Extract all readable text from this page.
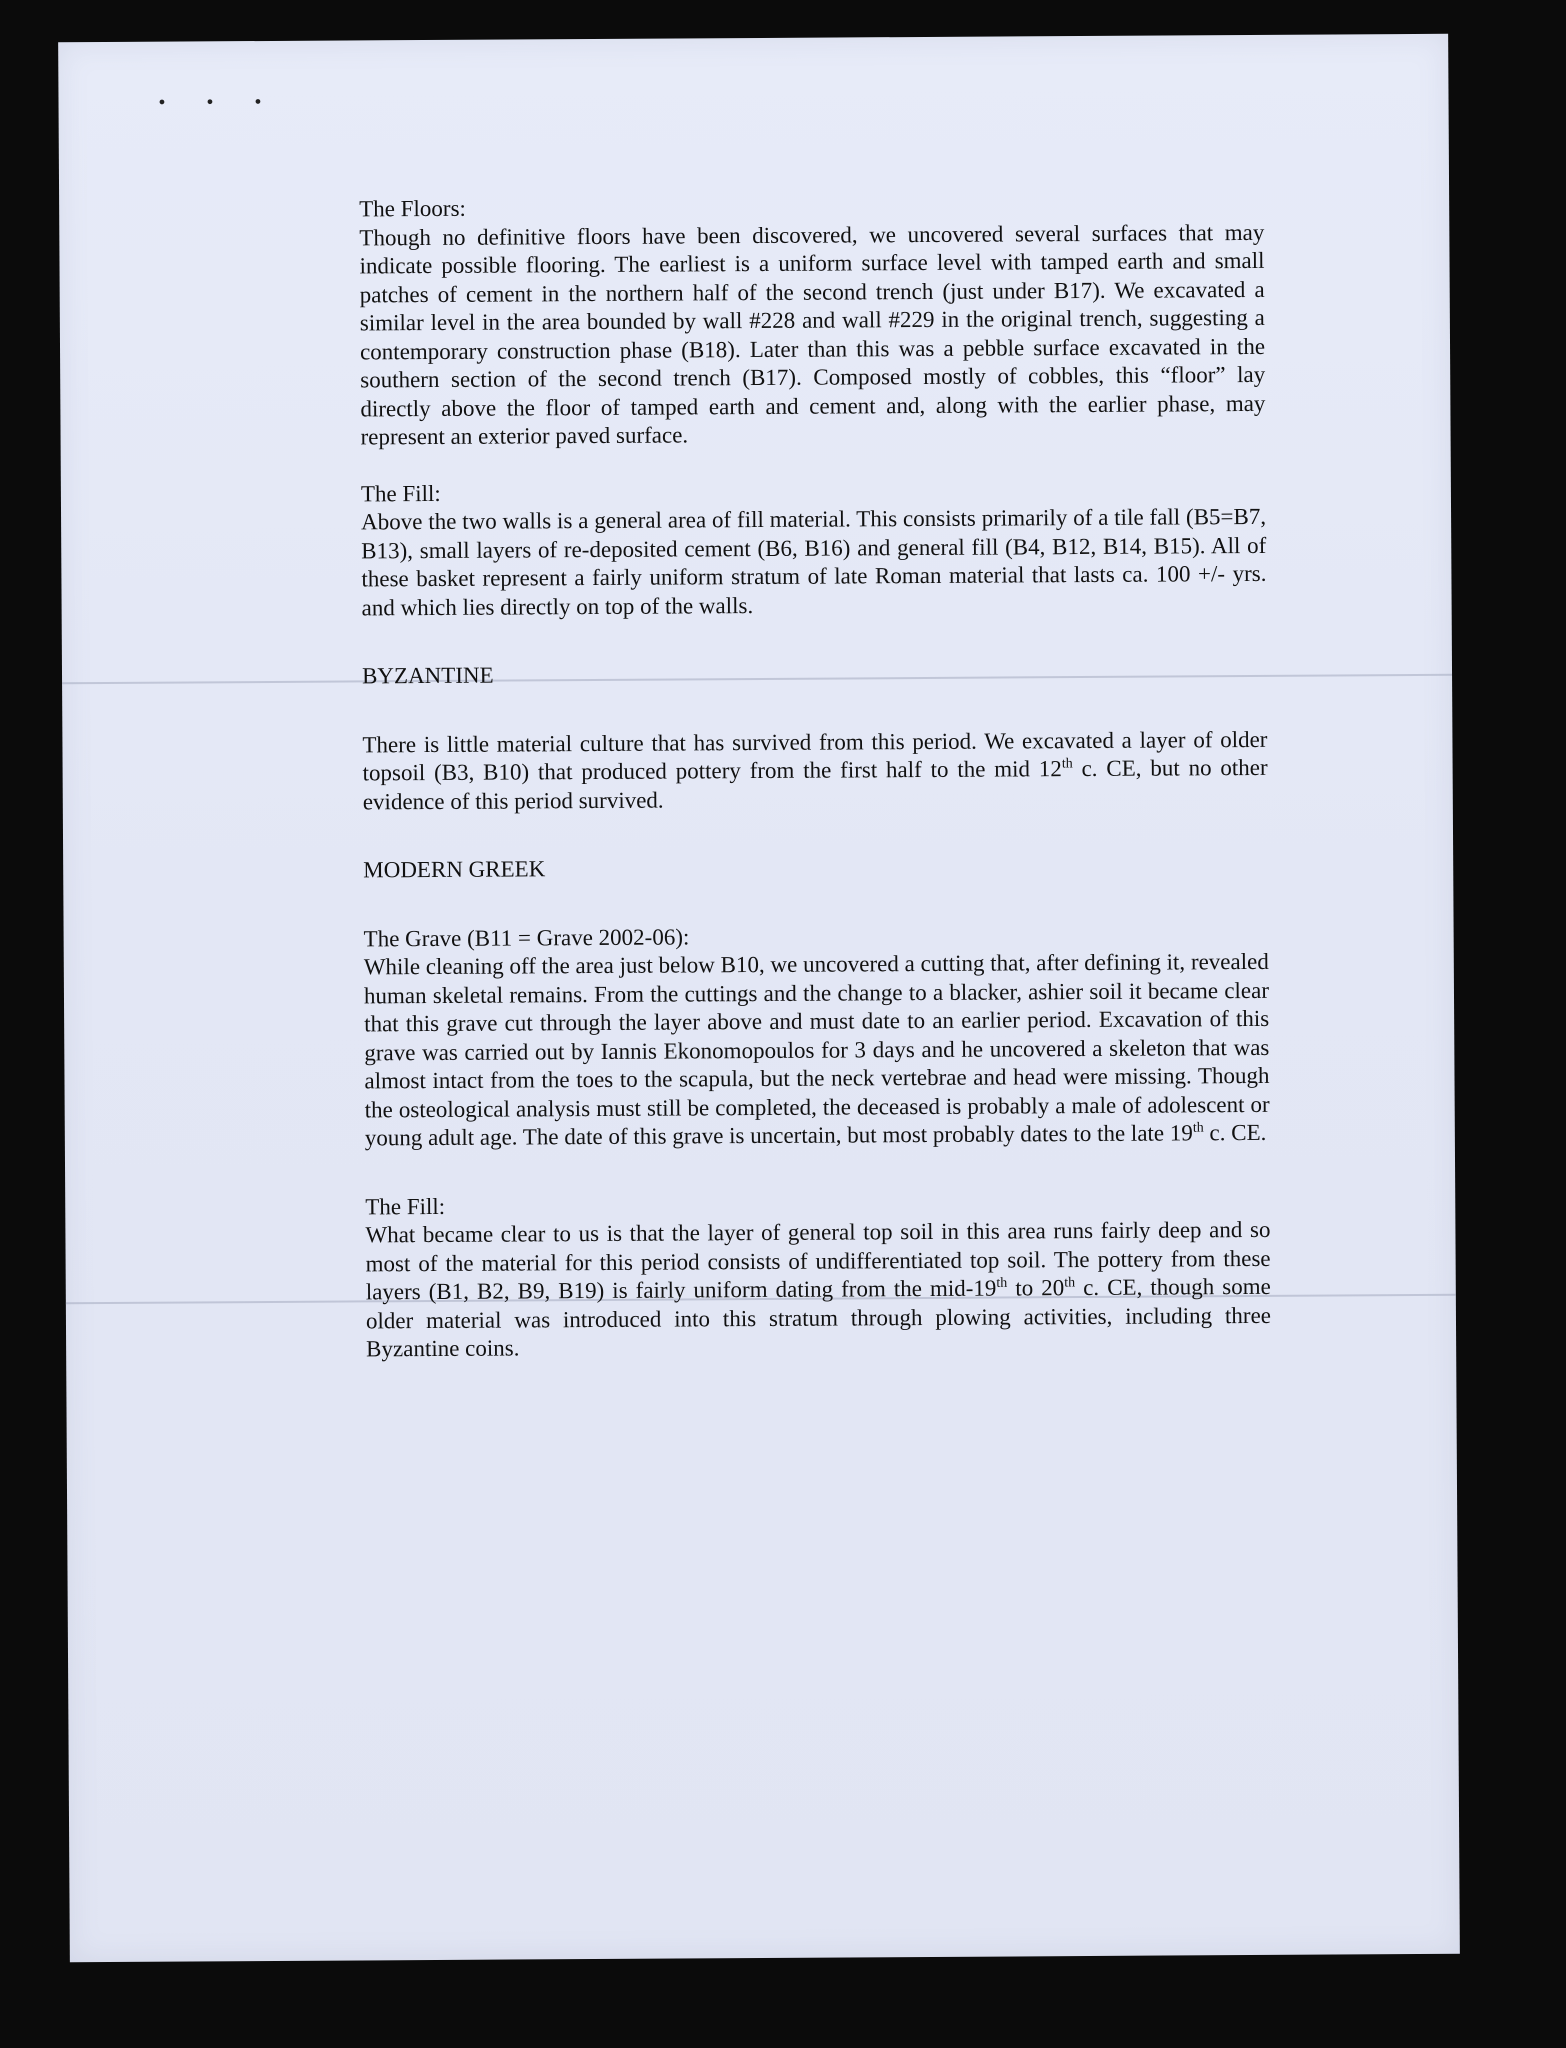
• • •
The Floors:

Though no definitive floors have been discovered, we uncovered several surfaces that may indicate possible flooring. The earliest is a uniform surface level with tamped earth and small patches of cement in the northern half of the second trench (just under B17). We excavated a similar level in the area bounded by wall #228 and wall #229 in the original trench, suggesting a contemporary construction phase (B18). Later than this was a pebble surface excavated in the southern section of the second trench (B17). Composed mostly of cobbles, this “floor” lay directly above the floor of tamped earth and cement and, along with the earlier phase, may represent an exterior paved surface.

The Fill:

Above the two walls is a general area of fill material. This consists primarily of a tile fall (B5=B7, B13), small layers of re-deposited cement (B6, B16) and general fill (B4, B12, B14, B15). All of these basket represent a fairly uniform stratum of late Roman material that lasts ca. 100 +/- yrs. and which lies directly on top of the walls.

BYZANTINE

There is little material culture that has survived from this period. We excavated a layer of older topsoil (B3, B10) that produced pottery from the first half to the mid 12th c. CE, but no other evidence of this period survived.

MODERN GREEK
The Grave (B11 = Grave 2002-06):

While cleaning off the area just below B10, we uncovered a cutting that, after defining it, revealed human skeletal remains. From the cuttings and the change to a blacker, ashier soil it became clear that this grave cut through the layer above and must date to an earlier period. Excavation of this grave was carried out by Iannis Ekonomopoulos for 3 days and he uncovered a skeleton that was almost intact from the toes to the scapula, but the neck vertebrae and head were missing. Though the osteological analysis must still be completed, the deceased is probably a male of adolescent or young adult age. The date of this grave is uncertain, but most probably dates to the late 19th c. CE.

The Fill:

What became clear to us is that the layer of general top soil in this area runs fairly deep and so most of the material for this period consists of undifferentiated top soil. The pottery from these layers (B1, B2, B9, B19) is fairly uniform dating from the mid-19th to 20th c. CE, though some older material was introduced into this stratum through plowing activities, including three Byzantine coins.
